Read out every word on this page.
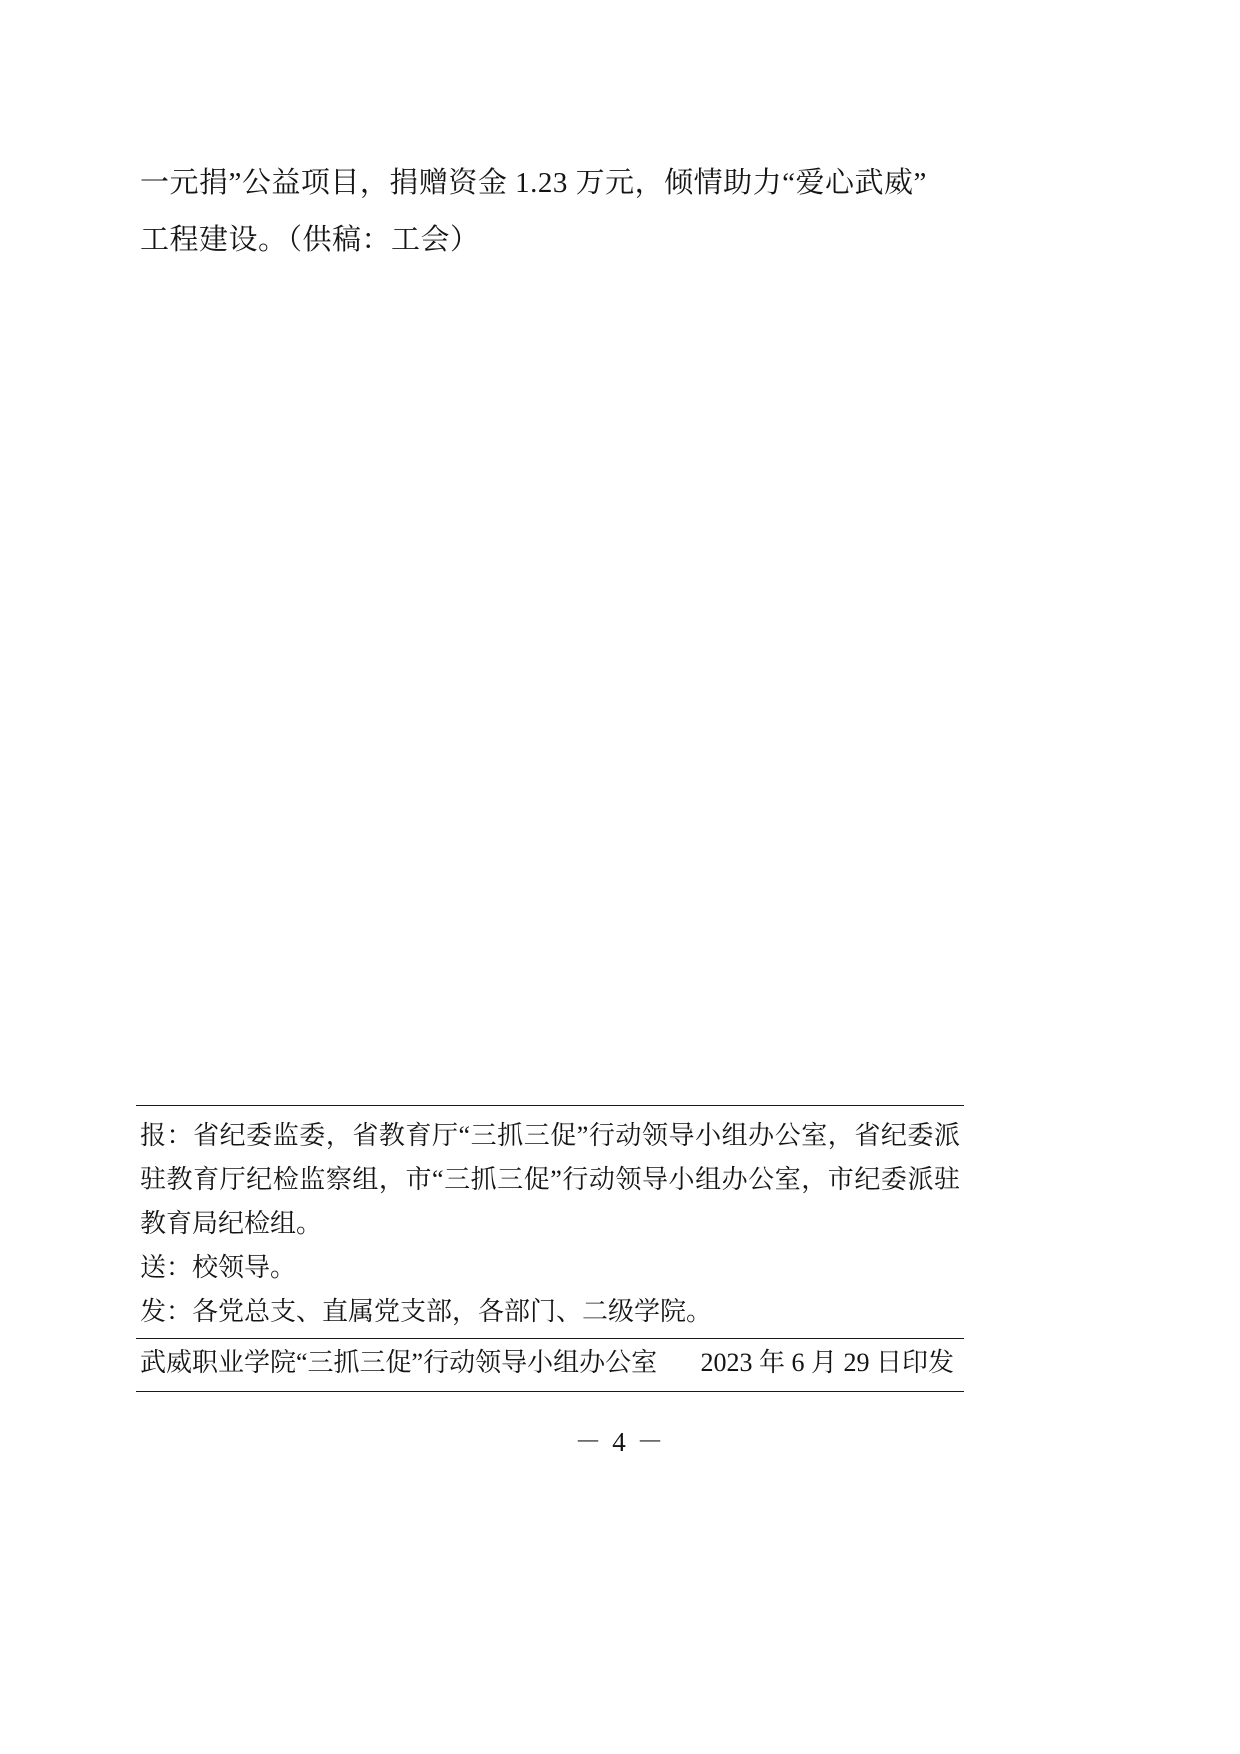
一元捐”公益项目，捐赠资金 1.23 万元，倾情助力“爱心武威”
工程建设。（供稿：工会）

报：省纪委监委，省教育厅“三抓三促”行动领导小组办公室，省纪委派驻教育厅纪检监察组，市“三抓三促”行动领导小组办公室，市纪委派驻教育局纪检组。
送：校领导。
发：各党总支、直属党支部，各部门、二级学院。
武威职业学院“三抓三促”行动领导小组办公室 2023 年 6 月 29 日印发
－ 4 －
